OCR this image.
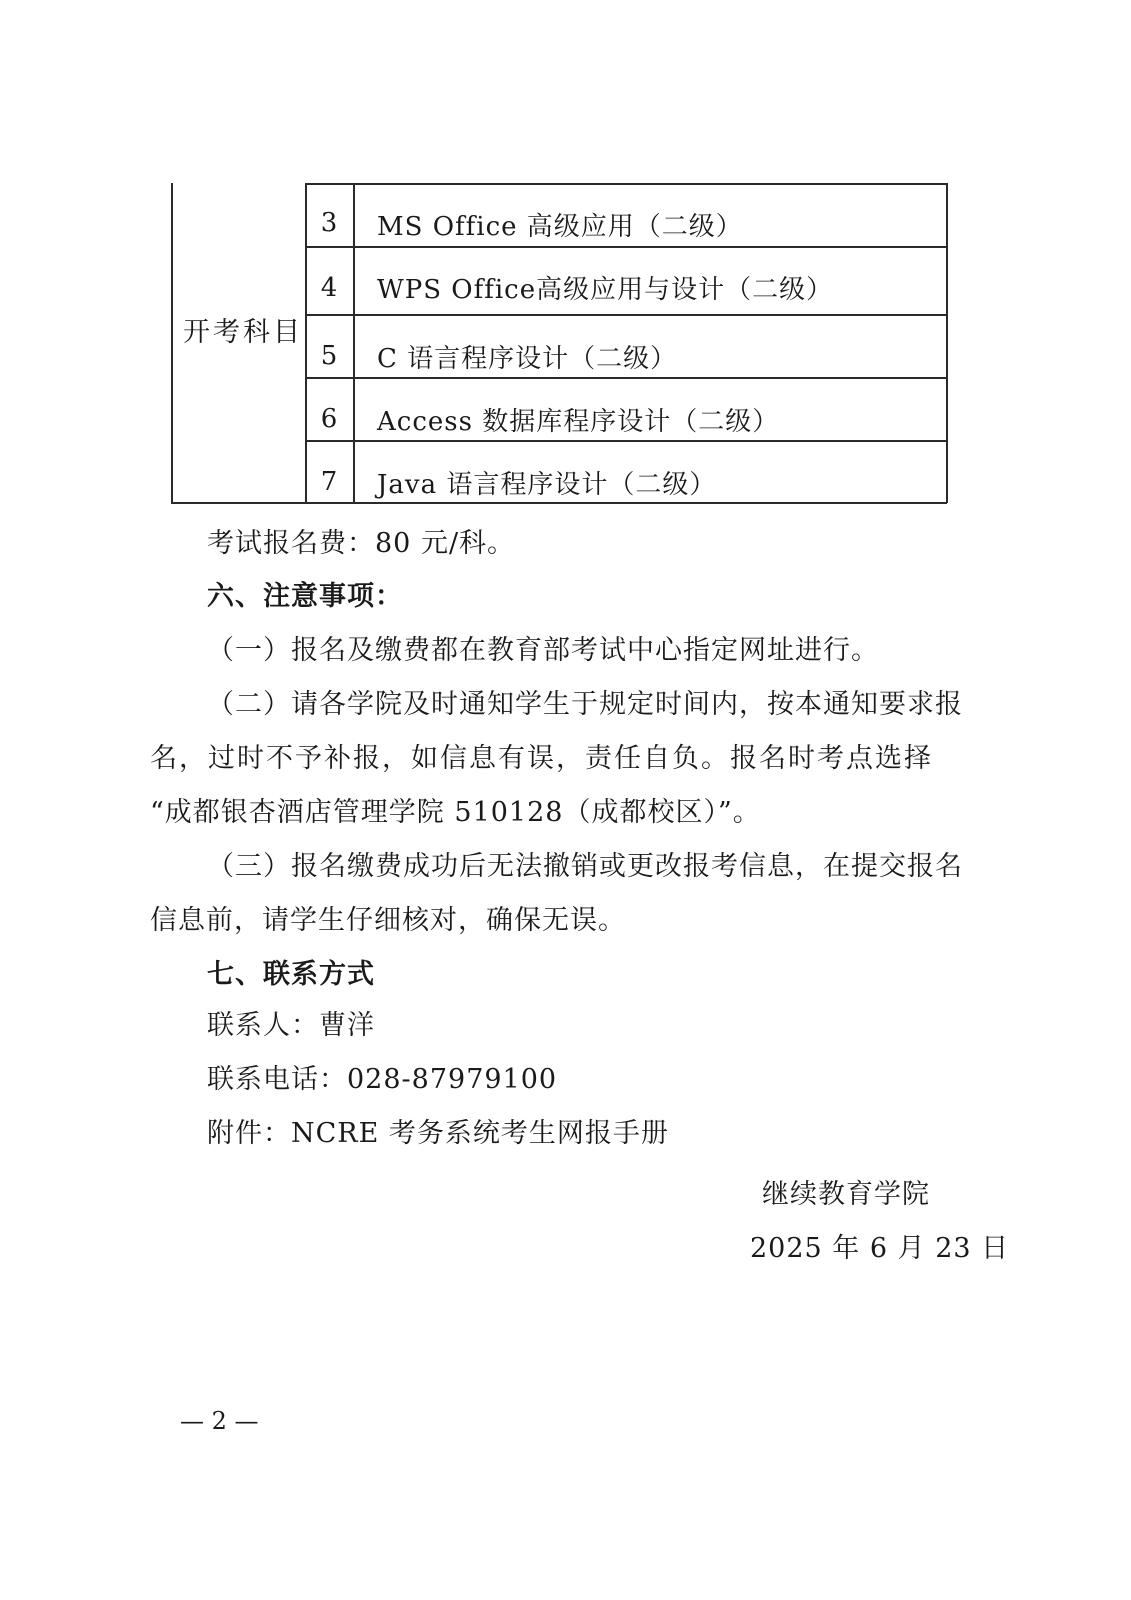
开考科目
3	MS Office 高级应用（二级）
4	WPS Office高级应用与设计（二级）
5	C 语言程序设计（二级）
6	Access 数据库程序设计（二级）
7	Java 语言程序设计（二级）
考试报名费：80 元/科。
六、注意事项：
（一）报名及缴费都在教育部考试中心指定网址进行。
（二）请各学院及时通知学生于规定时间内，按本通知要求报
名，过时不予补报，如信息有误，责任自负。报名时考点选择
“成都银杏酒店管理学院 510128（成都校区）”。
（三）报名缴费成功后无法撤销或更改报考信息，在提交报名
信息前，请学生仔细核对，确保无误。
七、联系方式
联系人：曹洋
联系电话：028-87979100
附件：NCRE 考务系统考生网报手册
继续教育学院
2025 年 6 月 23 日
— 2 —
